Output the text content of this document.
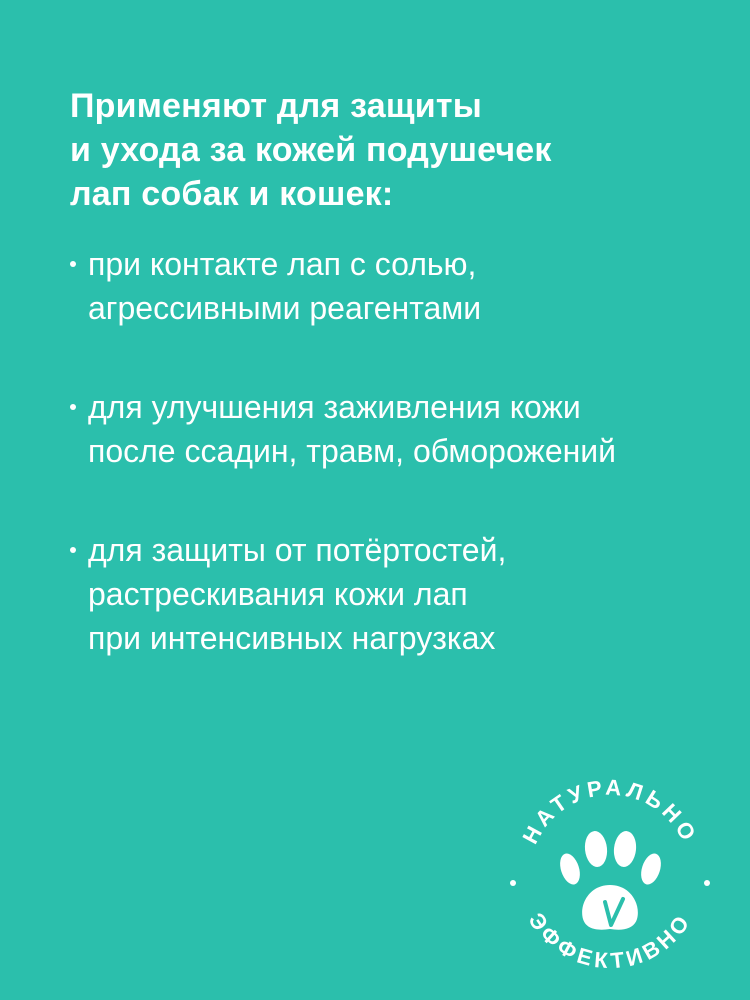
Применяют для защиты
и ухода за кожей подушечек
лап собак и кошек:
при контакте лап с солью,
агрессивными реагентами
для улучшения заживления кожи
после ссадин, травм, обморожений
для защиты от потёртостей,
растрескивания кожи лап
при интенсивных нагрузках
НАТУРАЛЬНО
ЭФФЕКТИВНО
